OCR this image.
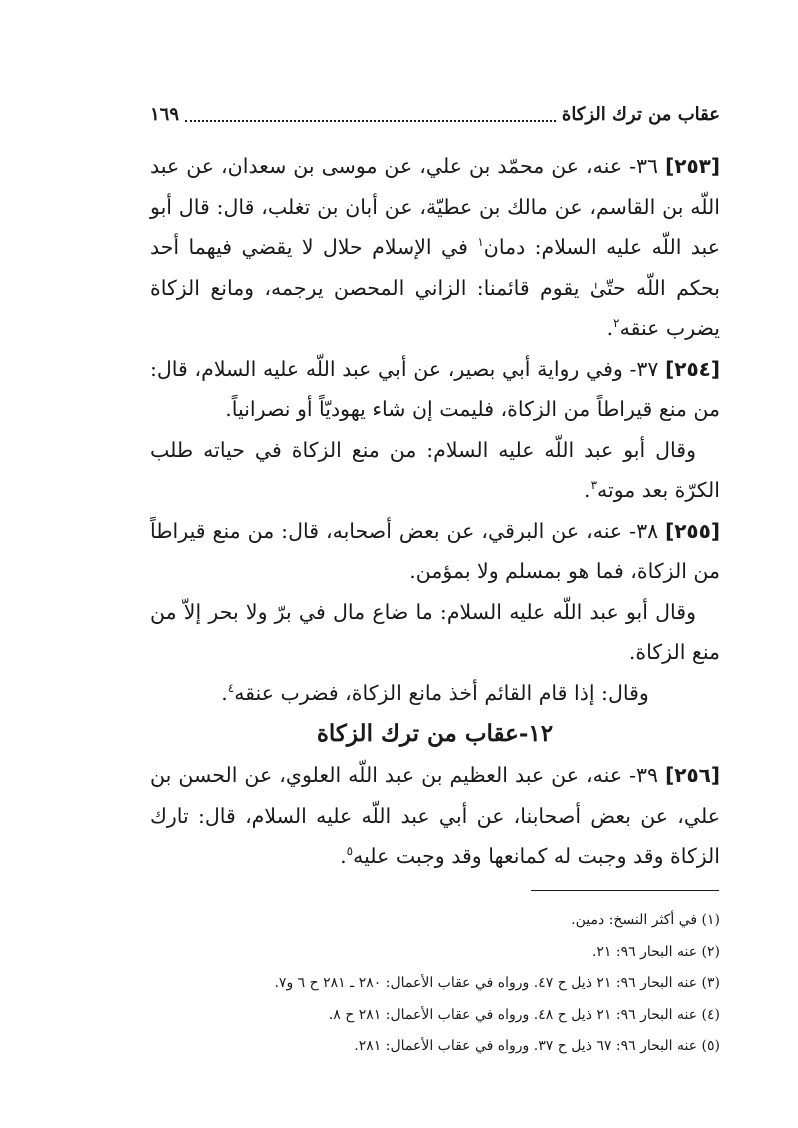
عقاب من ترك الزكاة
١٦٩

[٢٥٣] ٣٦- عنه، عن محمّد بن علي، عن موسى بن سعدان، عن عبد اللّه بن القاسم، عن مالك بن عطيّة، عن أبان بن تغلب، قال: قال أبو عبد اللّه عليه السلام: دمان$^١$ في الإسلام حلال لا يقضي فيهما أحد بحكم اللّه حتّىٰ يقوم قائمنا: الزاني المحصن يرجمه، ومانع الزكاة يضرب عنقه$^٢$.

[٢٥٤] ٣٧- وفي رواية أبي بصير، عن أبي عبد اللّه عليه السلام، قال: من منع قيراطاً من الزكاة، فليمت إن شاء يهوديّاً أو نصرانياً.

وقال أبو عبد اللّه عليه السلام: من منع الزكاة في حياته طلب الكرّة بعد موته$^٣$.

[٢٥٥] ٣٨- عنه، عن البرقي، عن بعض أصحابه، قال: من منع قيراطاً من الزكاة، فما هو بمسلم ولا بمؤمن.

وقال أبو عبد اللّه عليه السلام: ما ضاع مال في برّ ولا بحر إلاّ من منع الزكاة.

وقال: إذا قام القائم أخذ مانع الزكاة، فضرب عنقه$^٤$.

١٢-عقاب من ترك الزكاة

[٢٥٦] ٣٩- عنه، عن عبد العظيم بن عبد اللّه العلوي، عن الحسن بن علي، عن بعض أصحابنا، عن أبي عبد اللّه عليه السلام، قال: تارك الزكاة وقد وجبت له كمانعها وقد وجبت عليه$^٥$.

(١) في أكثر النسخ: دمين.

(٢) عنه البحار ٩٦: ٢١.

(٣) عنه البحار ٩٦: ٢١ ذيل ح ٤٧. ورواه في عقاب الأعمال: ٢٨٠ ـ ٢٨١ ح ٦ و٧.

(٤) عنه البحار ٩٦: ٢١ ذيل ح ٤٨. ورواه في عقاب الأعمال: ٢٨١ ح ٨.

(٥) عنه البحار ٩٦: ٦٧ ذيل ح ٣٧. ورواه في عقاب الأعمال: ٢٨١.
